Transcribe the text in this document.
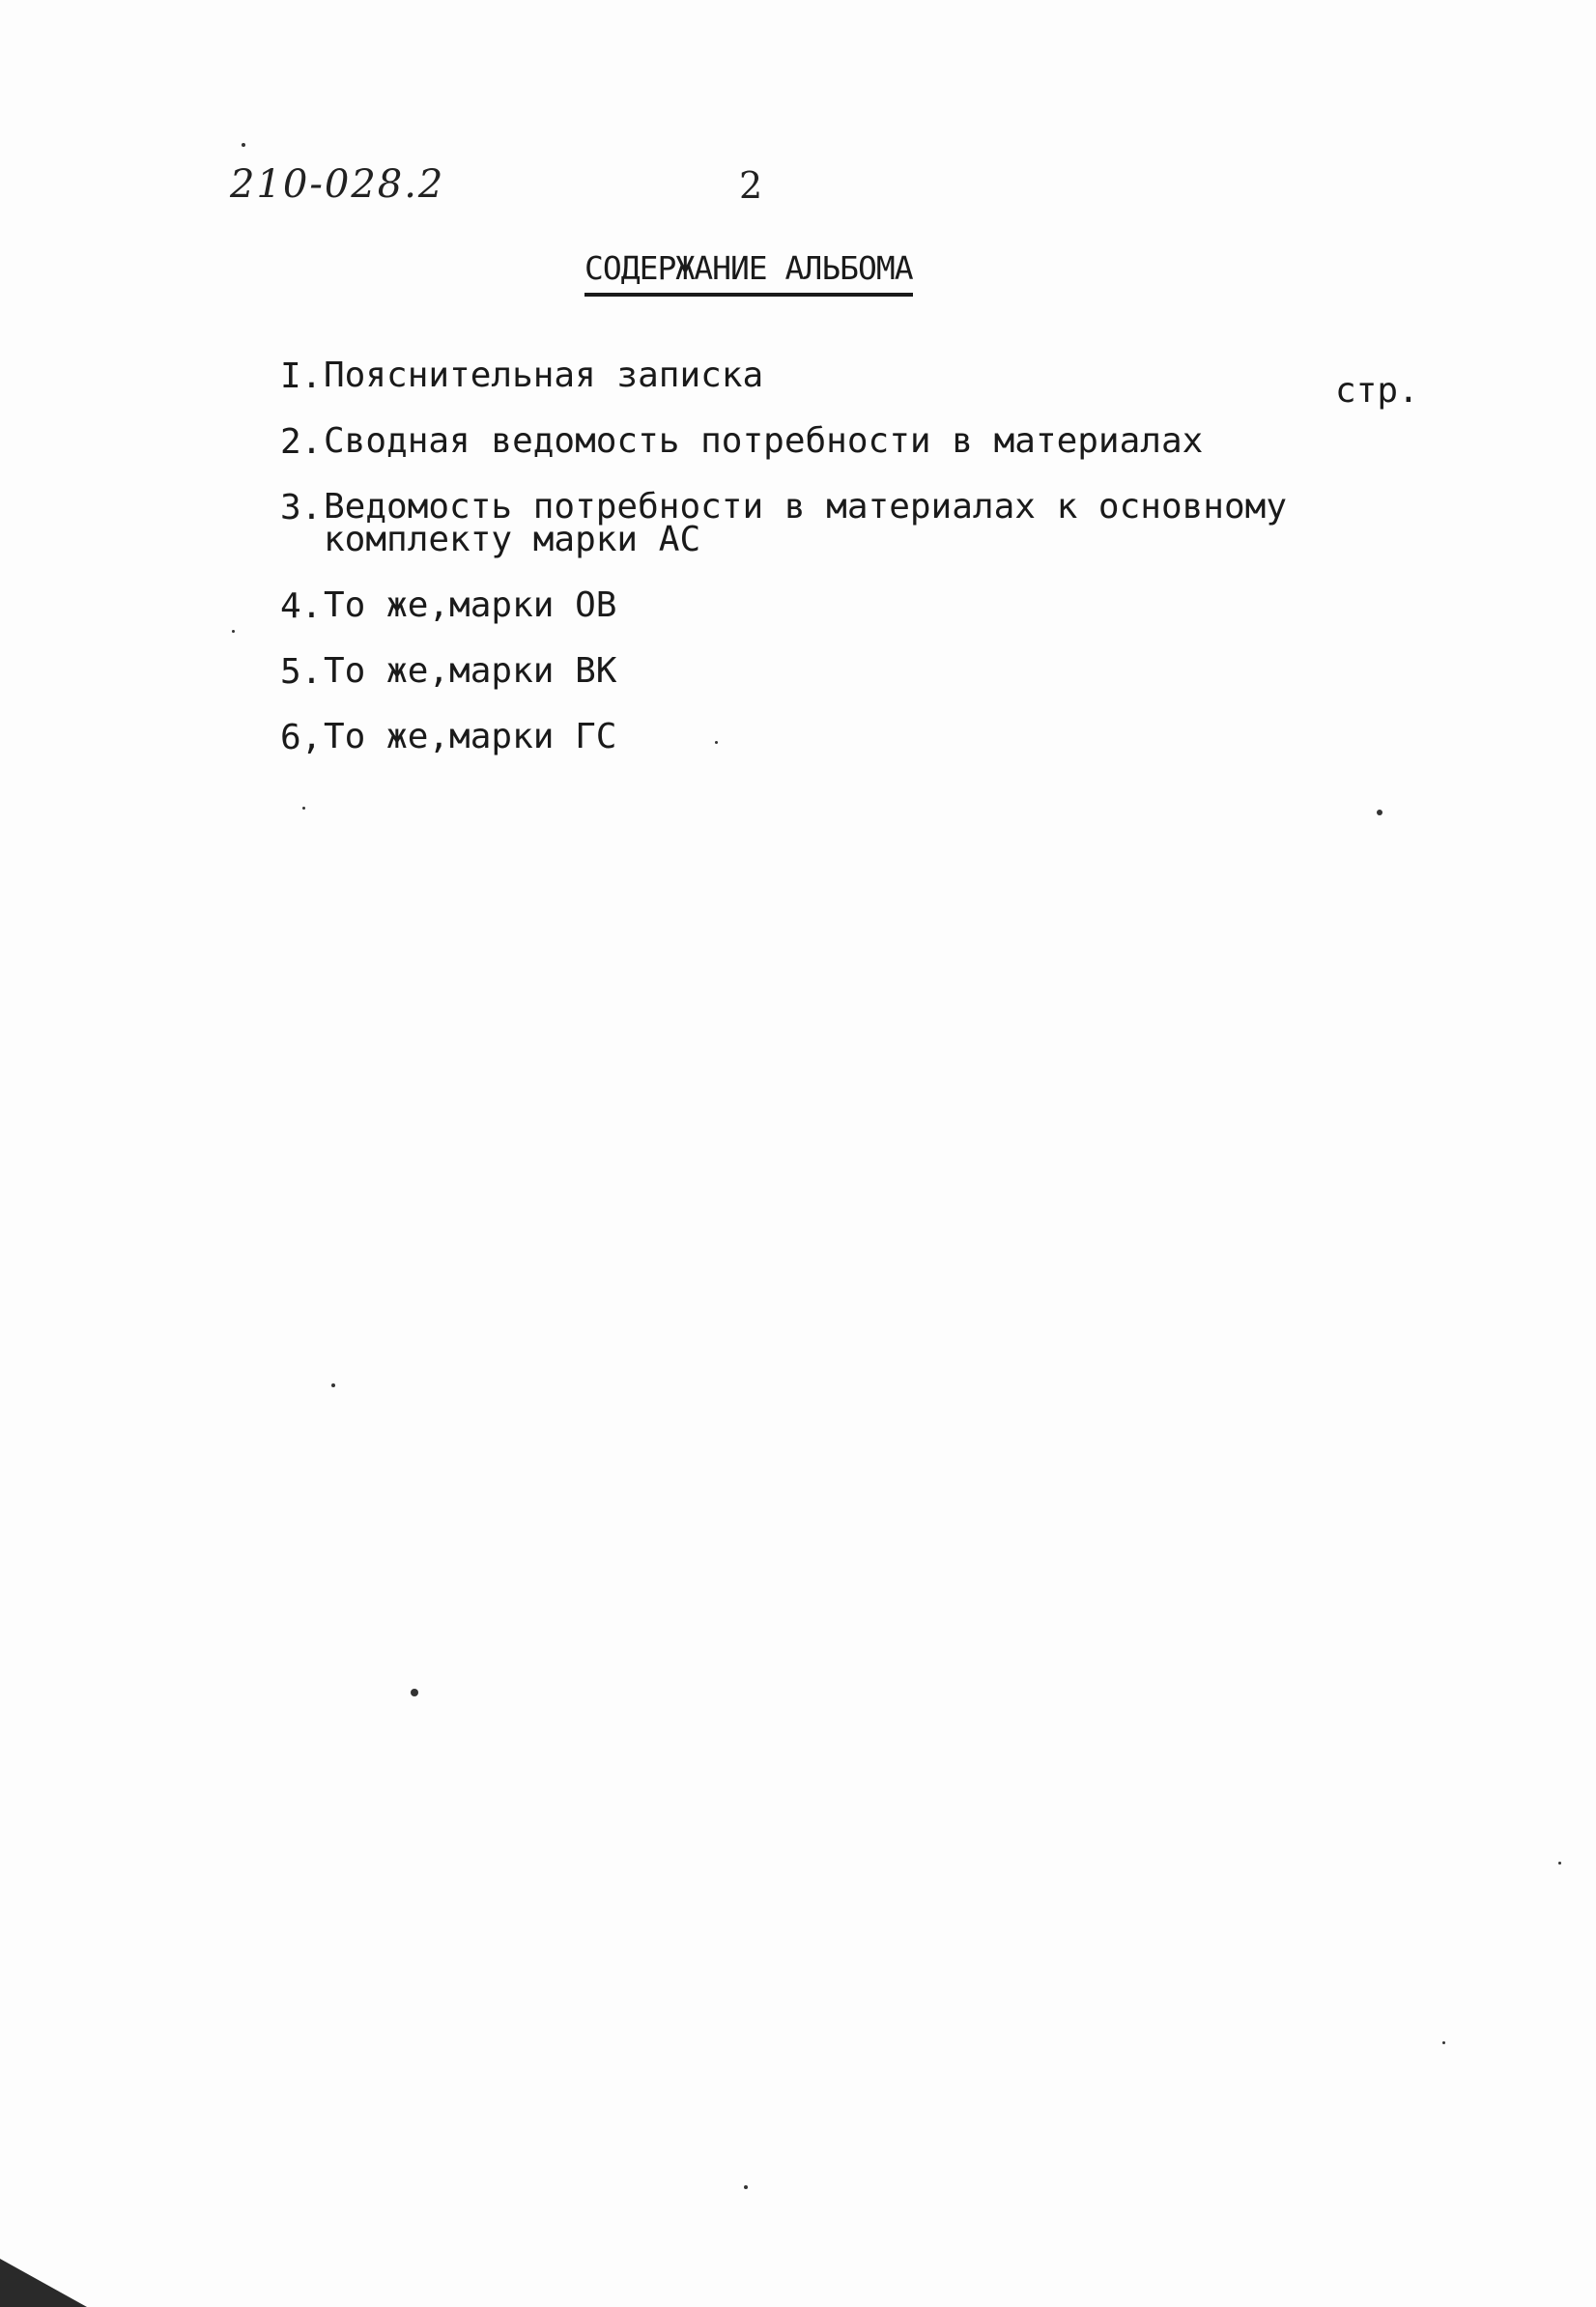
210-028.2	2
СОДЕРЖАНИЕ АЛЬБОМА
стр.
I. Пояснительная записка
2. Сводная ведомость потребности в материалах
3. Ведомость потребности в материалах к основному
комплекту марки АС
4. То же,марки ОВ
5. То же,марки ВК
6, То же,марки ГС
